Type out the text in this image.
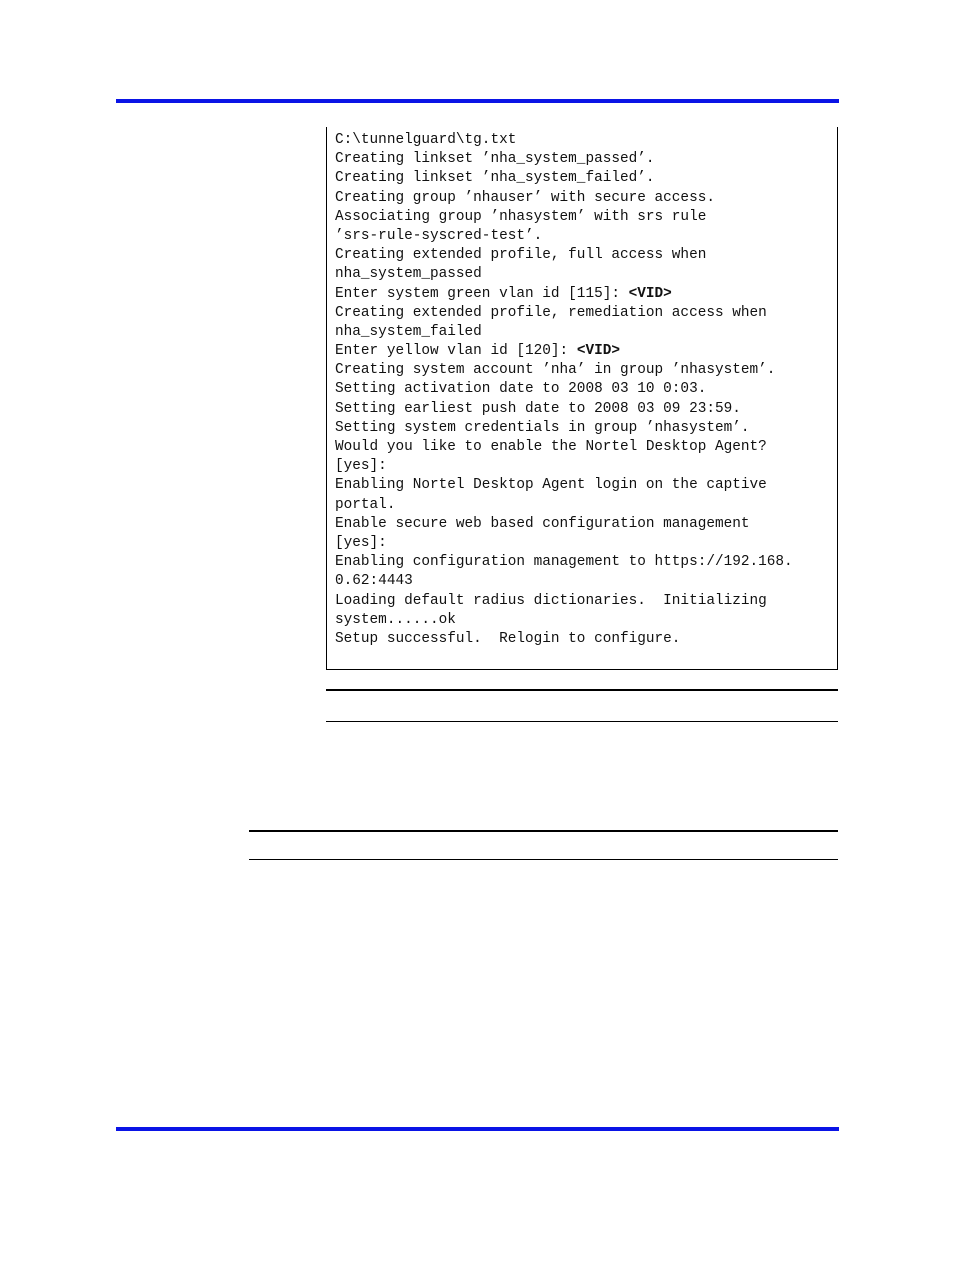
C:\tunnelguard\tg.txt
Creating linkset ’nha_system_passed’.
Creating linkset ’nha_system_failed’.
Creating group ’nhauser’ with secure access.
Associating group ’nhasystem’ with srs rule
’srs-rule-syscred-test’.
Creating extended profile, full access when
nha_system_passed
Enter system green vlan id [115]: <VID>
Creating extended profile, remediation access when
nha_system_failed
Enter yellow vlan id [120]: <VID>
Creating system account ’nha’ in group ’nhasystem’.
Setting activation date to 2008 03 10 0:03.
Setting earliest push date to 2008 03 09 23:59.
Setting system credentials in group ’nhasystem’.
Would you like to enable the Nortel Desktop Agent?
[yes]:
Enabling Nortel Desktop Agent login on the captive
portal.
Enable secure web based configuration management
[yes]:
Enabling configuration management to https://192.168.
0.62:4443
Loading default radius dictionaries.  Initializing
system......ok
Setup successful.  Relogin to configure.
